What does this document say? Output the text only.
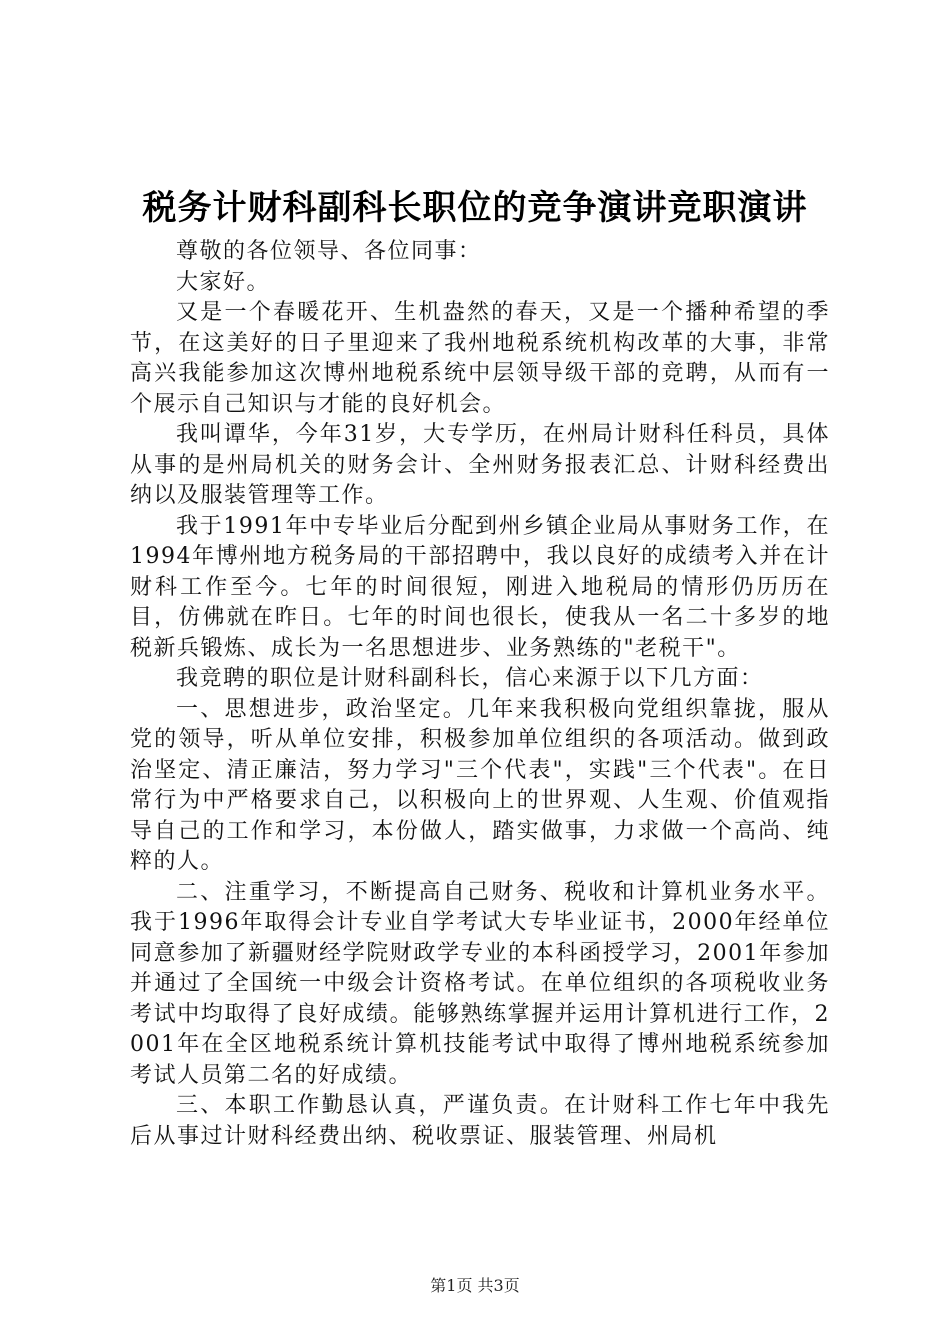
税务计财科副科长职位的竞争演讲竞职演讲

尊敬的各位领导、各位同事：

大家好。

又是一个春暖花开、生机盎然的春天，又是一个播种希望的季节，在这美好的日子里迎来了我州地税系统机构改革的大事，非常高兴我能参加这次博州地税系统中层领导级干部的竞聘，从而有一个展示自己知识与才能的良好机会。

我叫谭华，今年31岁，大专学历，在州局计财科任科员，具体从事的是州局机关的财务会计、全州财务报表汇总、计财科经费出纳以及服装管理等工作。

我于1991年中专毕业后分配到州乡镇企业局从事财务工作，在1994年博州地方税务局的干部招聘中，我以良好的成绩考入并在计财科工作至今。七年的时间很短，刚进入地税局的情形仍历历在目，仿佛就在昨日。七年的时间也很长，使我从一名二十多岁的地税新兵锻炼、成长为一名思想进步、业务熟练的"老税干"。

我竞聘的职位是计财科副科长，信心来源于以下几方面：

一、思想进步，政治坚定。几年来我积极向党组织靠拢，服从党的领导，听从单位安排，积极参加单位组织的各项活动。做到政治坚定、清正廉洁，努力学习"三个代表"，实践"三个代表"。在日常行为中严格要求自己，以积极向上的世界观、人生观、价值观指导自己的工作和学习，本份做人，踏实做事，力求做一个高尚、纯粹的人。

二、注重学习，不断提高自己财务、税收和计算机业务水平。我于1996年取得会计专业自学考试大专毕业证书，2000年经单位同意参加了新疆财经学院财政学专业的本科函授学习，2001年参加并通过了全国统一中级会计资格考试。在单位组织的各项税收业务考试中均取得了良好成绩。能够熟练掌握并运用计算机进行工作，2001年在全区地税系统计算机技能考试中取得了博州地税系统参加考试人员第二名的好成绩。

三、本职工作勤恳认真，严谨负责。在计财科工作七年中我先后从事过计财科经费出纳、税收票证、服装管理、州局机

第1页 共3页
